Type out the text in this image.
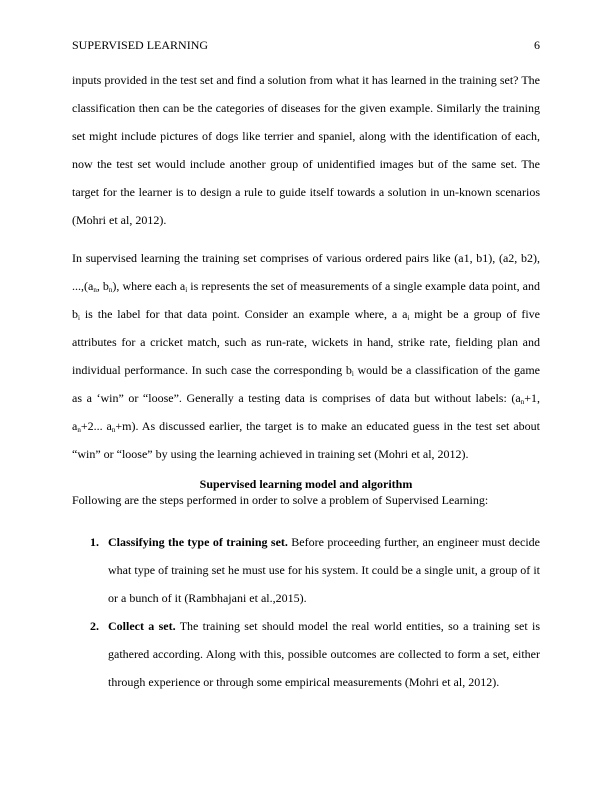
SUPERVISED LEARNING	6

inputs provided in the test set and find a solution from what it has learned in the training set? The classification then can be the categories of diseases for the given example. Similarly the training set might include pictures of dogs like terrier and spaniel, along with the identification of each, now the test set would include another group of unidentified images but of the same set. The target for the learner is to design a rule to guide itself towards a solution in un-known scenarios (Mohri et al, 2012).

In supervised learning the training set comprises of various ordered pairs like (a1, b1), (a2, b2), $...,(a_n$, $b_n$), where each $a_i$ is represents the set of measurements of a single example data point, and $b_i$ is the label for that data point. Consider an example where, a $a_i$ might be a group of five attributes for a cricket match, such as run-rate, wickets in hand, strike rate, fielding plan and individual performance. In such case the corresponding $b_i$ would be a classification of the game as a ‘win” or “loose”. Generally a testing data is comprises of data but without labels: ($a_n+1$, $a_n+2$... $a_n+m$). As discussed earlier, the target is to make an educated guess in the test set about “win” or “loose” by using the learning achieved in training set (Mohri et al, 2012).

Supervised learning model and algorithm

Following are the steps performed in order to solve a problem of Supervised Learning:

1. Classifying the type of training set. Before proceeding further, an engineer must decide what type of training set he must use for his system. It could be a single unit, a group of it or a bunch of it (Rambhajani et al.,2015).
2. Collect a set. The training set should model the real world entities, so a training set is gathered according. Along with this, possible outcomes are collected to form a set, either through experience or through some empirical measurements (Mohri et al, 2012).
